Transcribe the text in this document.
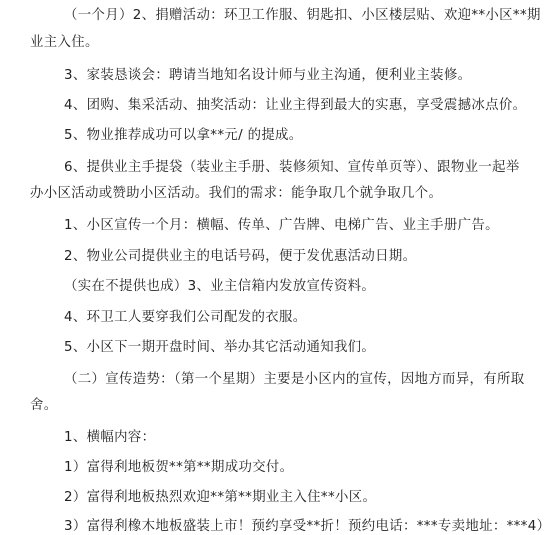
（一个月）2、捐赠活动：环卫工作服、钥匙扣、小区楼层贴、欢迎**小区**期
业主入住。
3、家装恳谈会：聘请当地知名设计师与业主沟通，便利业主装修。
4、团购、集采活动、抽奖活动：让业主得到最大的实惠，享受震撼冰点价。
5、物业推荐成功可以拿**元/ 的提成。
6、提供业主手提袋（装业主手册、装修须知、宣传单页等）、跟物业一起举
办小区活动或赞助小区活动。我们的需求：能争取几个就争取几个。
1、小区宣传一个月：横幅、传单、广告牌、电梯广告、业主手册广告。
2、物业公司提供业主的电话号码，便于发优惠活动日期。
（实在不提供也成）3、业主信箱内发放宣传资料。
4、环卫工人要穿我们公司配发的衣服。
5、小区下一期开盘时间、举办其它活动通知我们。
（二）宣传造势：（第一个星期）主要是小区内的宣传，因地方而异，有所取
舍。
1、横幅内容：
1）富得利地板贺**第**期成功交付。
2）富得利地板热烈欢迎**第**期业主入住**小区。
3）富得利橡木地板盛装上市！预约享受**折！预约电话：***专卖地址：***4）
